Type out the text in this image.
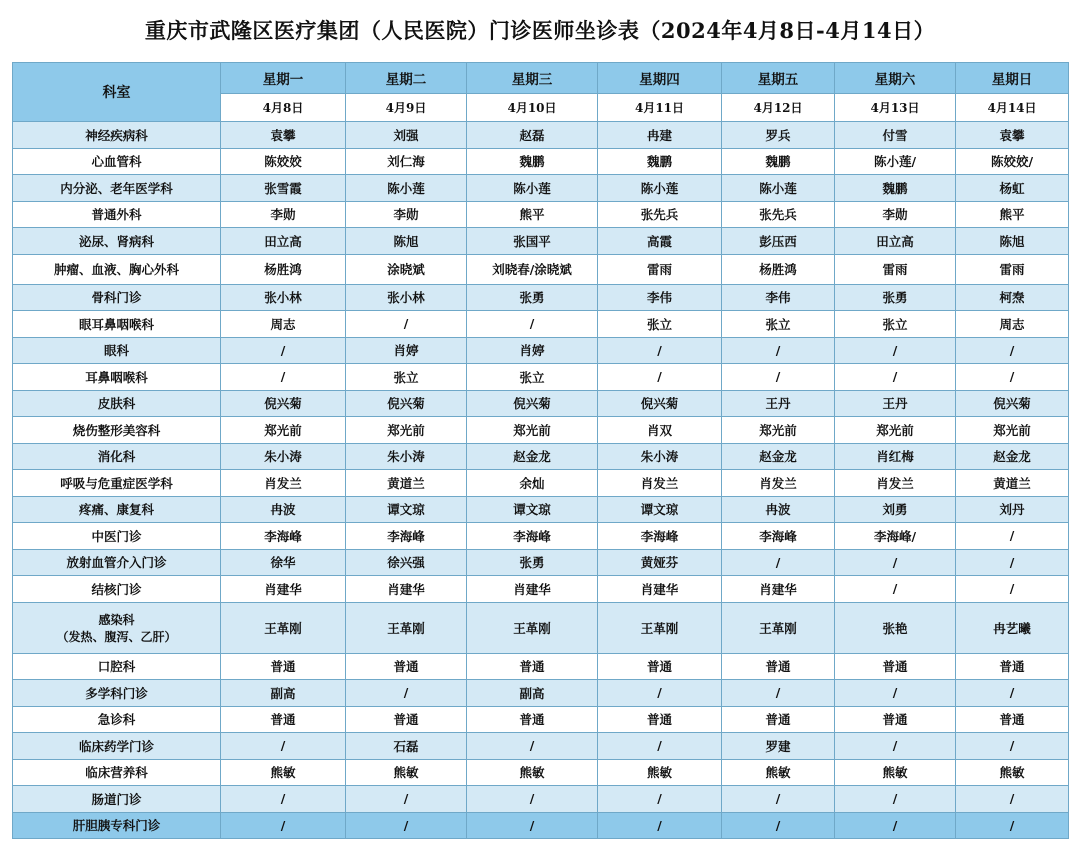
重庆市武隆区医疗集团（人民医院）门诊医师坐诊表（2024年4月8日-4月14日）
科室	星期一	星期二	星期三	星期四	星期五	星期六	星期日
	4月8日	4月9日	4月10日	4月11日	4月12日	4月13日	4月14日
神经疾病科	袁攀	刘强	赵磊	冉建	罗兵	付雪	袁攀
心血管科	陈姣姣	刘仁海	魏鹏	魏鹏	魏鹏	陈小莲/	陈姣姣/
内分泌、老年医学科	张雪霞	陈小莲	陈小莲	陈小莲	陈小莲	魏鹏	杨虹
普通外科	李勋	李勋	熊平	张先兵	张先兵	李勋	熊平
泌尿、肾病科	田立高	陈旭	张国平	高霞	彭压西	田立高	陈旭
肿瘤、血液、胸心外科	杨胜鸿	涂晓斌	刘晓春/涂晓斌	雷雨	杨胜鸿	雷雨	雷雨
骨科门诊	张小林	张小林	张勇	李伟	李伟	张勇	柯焘
眼耳鼻咽喉科	周志	/	/	张立	张立	张立	周志
眼科	/	肖婷	肖婷	/	/	/	/
耳鼻咽喉科	/	张立	张立	/	/	/	/
皮肤科	倪兴菊	倪兴菊	倪兴菊	倪兴菊	王丹	王丹	倪兴菊
烧伤整形美容科	郑光前	郑光前	郑光前	肖双	郑光前	郑光前	郑光前
消化科	朱小涛	朱小涛	赵金龙	朱小涛	赵金龙	肖红梅	赵金龙
呼吸与危重症医学科	肖发兰	黄道兰	余灿	肖发兰	肖发兰	肖发兰	黄道兰
疼痛、康复科	冉波	谭文琼	谭文琼	谭文琼	冉波	刘勇	刘丹
中医门诊	李海峰	李海峰	李海峰	李海峰	李海峰	李海峰/	/
放射血管介入门诊	徐华	徐兴强	张勇	黄娅芬	/	/	/
结核门诊	肖建华	肖建华	肖建华	肖建华	肖建华	/	/

感染科
（发热、腹泻、乙肝）	王革刚	王革刚	王革刚	王革刚	王革刚	张艳	冉艺曦
口腔科	普通	普通	普通	普通	普通	普通	普通
多学科门诊	副高	/	副高	/	/	/	/
急诊科	普通	普通	普通	普通	普通	普通	普通
临床药学门诊	/	石磊	/	/	罗建	/	/
临床营养科	熊敏	熊敏	熊敏	熊敏	熊敏	熊敏	熊敏
肠道门诊	/	/	/	/	/	/	/
肝胆胰专科门诊	/	/	/	/	/	/	/
